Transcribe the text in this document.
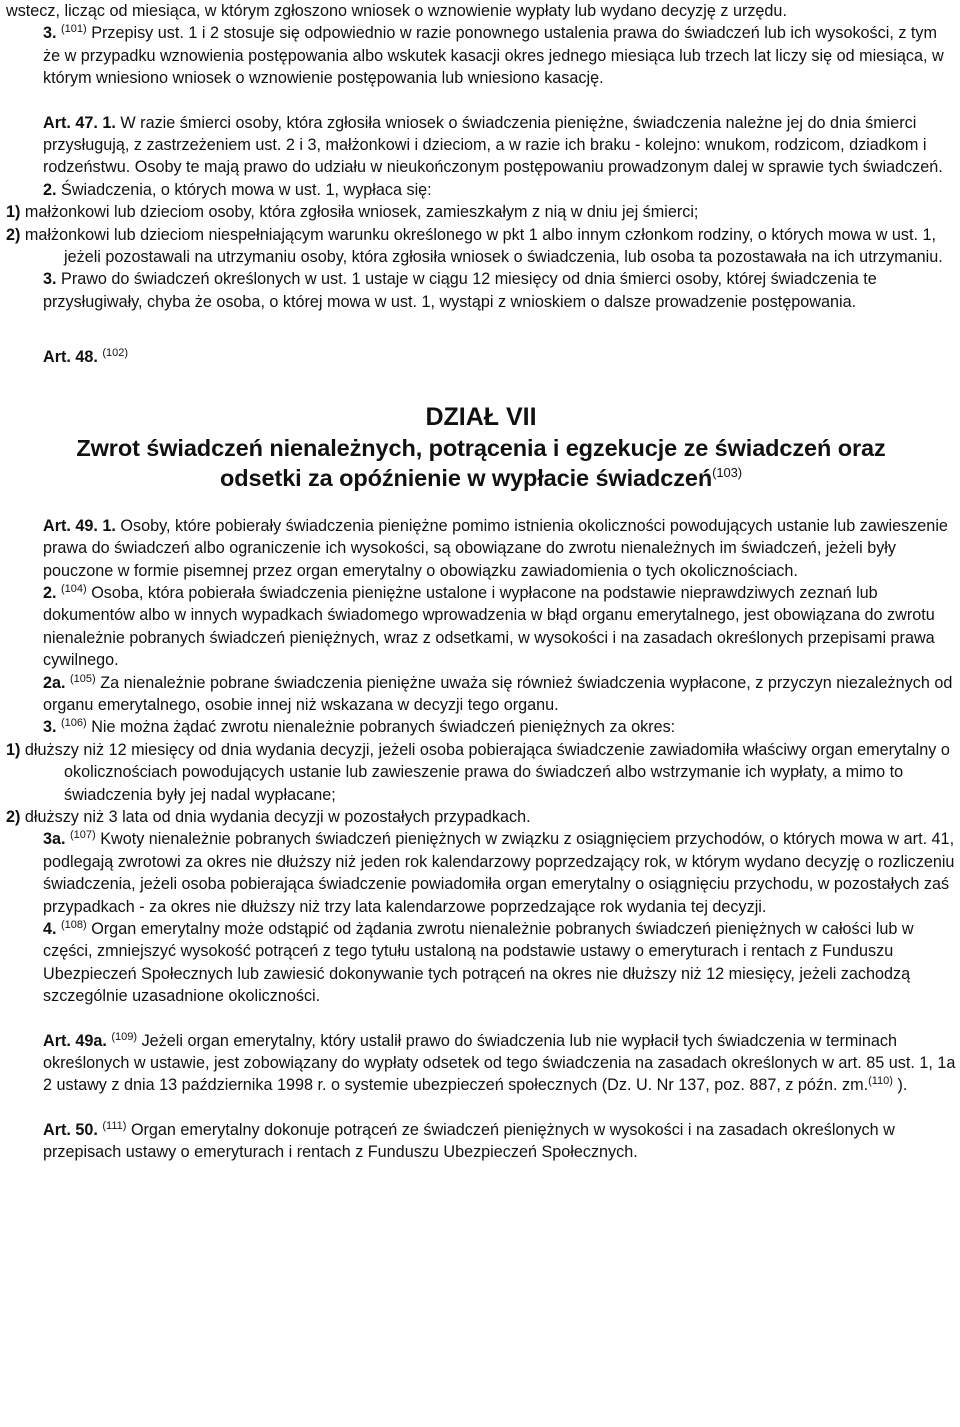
wstecz, licząc od miesiąca, w którym zgłoszono wniosek o wznowienie wypłaty lub wydano decyzję z urzędu.

3. $^{(101)}$ Przepisy ust. 1 i 2 stosuje się odpowiednio w razie ponownego ustalenia prawa do świadczeń lub ich wysokości, z tym że w przypadku wznowienia postępowania albo wskutek kasacji okres jednego miesiąca lub trzech lat liczy się od miesiąca, w którym wniesiono wniosek o wznowienie postępowania lub wniesiono kasację.

Art. 47. 1. W razie śmierci osoby, która zgłosiła wniosek o świadczenia pieniężne, świadczenia należne jej do dnia śmierci przysługują, z zastrzeżeniem ust. 2 i 3, małżonkowi i dzieciom, a w razie ich braku - kolejno: wnukom, rodzicom, dziadkom i rodzeństwu. Osoby te mają prawo do udziału w nieukończonym postępowaniu prowadzonym dalej w sprawie tych świadczeń.

2. Świadczenia, o których mowa w ust. 1, wypłaca się:

1) małżonkowi lub dzieciom osoby, która zgłosiła wniosek, zamieszkałym z nią w dniu jej śmierci;

2) małżonkowi lub dzieciom niespełniającym warunku określonego w pkt 1 albo innym członkom rodziny, o których mowa w ust. 1, jeżeli pozostawali na utrzymaniu osoby, która zgłosiła wniosek o świadczenia, lub osoba ta pozostawała na ich utrzymaniu.

3. Prawo do świadczeń określonych w ust. 1 ustaje w ciągu 12 miesięcy od dnia śmierci osoby, której świadczenia te przysługiwały, chyba że osoba, o której mowa w ust. 1, wystąpi z wnioskiem o dalsze prowadzenie postępowania.

Art. 48. $^{(102)}$

DZIAŁ VII

Zwrot świadczeń nienależnych, potrącenia i egzekucje ze świadczeń oraz

odsetki za opóźnienie w wypłacie świadczeń$^{(103)}$

Art. 49. 1. Osoby, które pobierały świadczenia pieniężne pomimo istnienia okoliczności powodujących ustanie lub zawieszenie prawa do świadczeń albo ograniczenie ich wysokości, są obowiązane do zwrotu nienależnych im świadczeń, jeżeli były pouczone w formie pisemnej przez organ emerytalny o obowiązku zawiadomienia o tych okolicznościach.

2. $^{(104)}$ Osoba, która pobierała świadczenia pieniężne ustalone i wypłacone na podstawie nieprawdziwych zeznań lub dokumentów albo w innych wypadkach świadomego wprowadzenia w błąd organu emerytalnego, jest obowiązana do zwrotu nienależnie pobranych świadczeń pieniężnych, wraz z odsetkami, w wysokości i na zasadach określonych przepisami prawa cywilnego.

2a. $^{(105)}$ Za nienależnie pobrane świadczenia pieniężne uważa się również świadczenia wypłacone, z przyczyn niezależnych od organu emerytalnego, osobie innej niż wskazana w decyzji tego organu.

3. $^{(106)}$ Nie można żądać zwrotu nienależnie pobranych świadczeń pieniężnych za okres:

1) dłuższy niż 12 miesięcy od dnia wydania decyzji, jeżeli osoba pobierająca świadczenie zawiadomiła właściwy organ emerytalny o okolicznościach powodujących ustanie lub zawieszenie prawa do świadczeń albo wstrzymanie ich wypłaty, a mimo to świadczenia były jej nadal wypłacane;

2) dłuższy niż 3 lata od dnia wydania decyzji w pozostałych przypadkach.

3a. $^{(107)}$ Kwoty nienależnie pobranych świadczeń pieniężnych w związku z osiągnięciem przychodów, o których mowa w art. 41, podlegają zwrotowi za okres nie dłuższy niż jeden rok kalendarzowy poprzedzający rok, w którym wydano decyzję o rozliczeniu świadczenia, jeżeli osoba pobierająca świadczenie powiadomiła organ emerytalny o osiągnięciu przychodu, w pozostałych zaś przypadkach - za okres nie dłuższy niż trzy lata kalendarzowe poprzedzające rok wydania tej decyzji.

4. $^{(108)}$ Organ emerytalny może odstąpić od żądania zwrotu nienależnie pobranych świadczeń pieniężnych w całości lub w części, zmniejszyć wysokość potrąceń z tego tytułu ustaloną na podstawie ustawy o emeryturach i rentach z Funduszu Ubezpieczeń Społecznych lub zawiesić dokonywanie tych potrąceń na okres nie dłuższy niż 12 miesięcy, jeżeli zachodzą szczególnie uzasadnione okoliczności.

Art. 49a. $^{(109)}$ Jeżeli organ emerytalny, który ustalił prawo do świadczenia lub nie wypłacił tych świadczenia w terminach określonych w ustawie, jest zobowiązany do wypłaty odsetek od tego świadczenia na zasadach określonych w art. 85 ust. 1, 1a 2 ustawy z dnia 13 października 1998 r. o systemie ubezpieczeń społecznych (Dz. U. Nr 137, poz. 887, z późn. zm.$^{(110)}$ ).

Art. 50. $^{(111)}$ Organ emerytalny dokonuje potrąceń ze świadczeń pieniężnych w wysokości i na zasadach określonych w przepisach ustawy o emeryturach i rentach z Funduszu Ubezpieczeń Społecznych.
